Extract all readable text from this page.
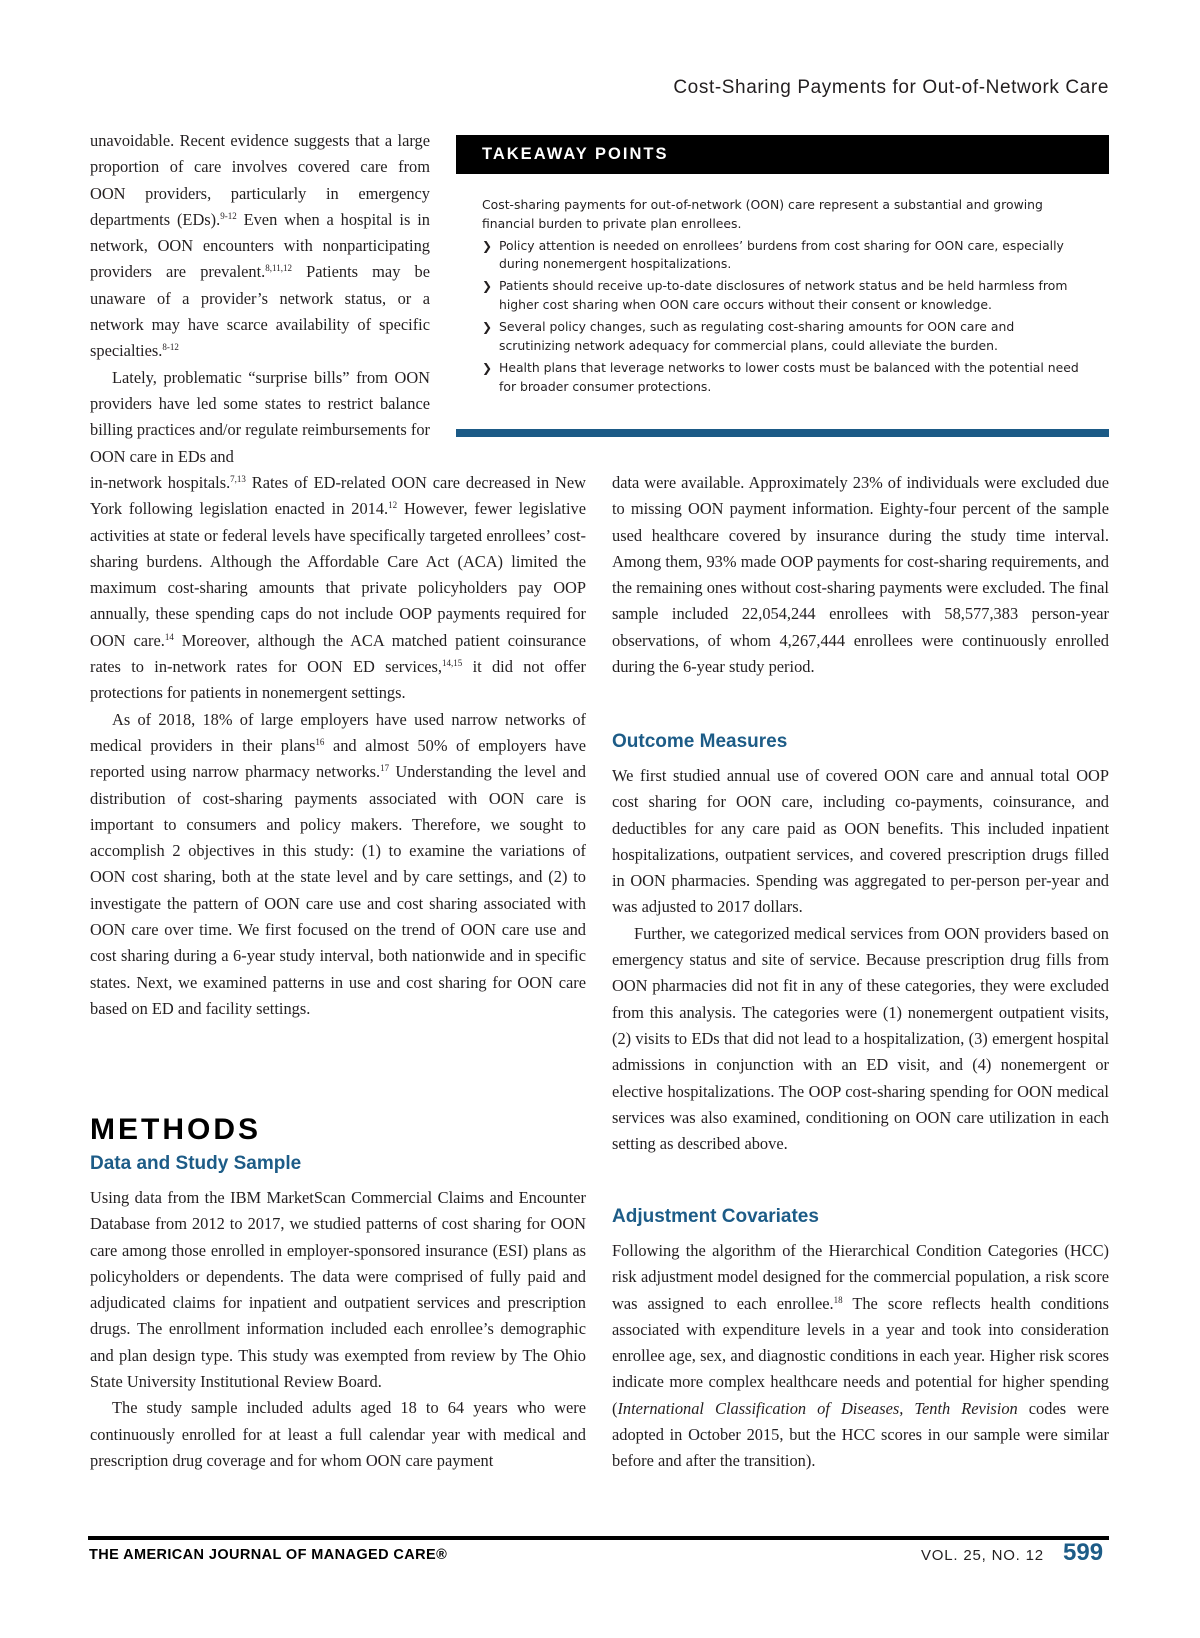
Cost-Sharing Payments for Out-of-Network Care

unavoidable. Recent evidence suggests that a large proportion of care involves covered care from OON providers, particularly in emergency departments (EDs).$^{9-12}$ Even when a hospital is in network, OON encounters with nonparticipating providers are prevalent.$^{8,11,12}$ Patients may be unaware of a provider’s network status, or a network may have scarce availability of specific specialties.$^{8-12}$

Lately, problematic “surprise bills” from OON providers have led some states to restrict balance billing practices and/or regulate reimbursements for OON care in EDs and

TAKEAWAY POINTS

Cost-sharing payments for out-of-network (OON) care represent a substantial and growing financial burden to private plan enrollees.

❯ Policy attention is needed on enrollees’ burdens from cost sharing for OON care, especially during nonemergent hospitalizations.
❯ Patients should receive up-to-date disclosures of network status and be held harmless from higher cost sharing when OON care occurs without their consent or knowledge.
❯ Several policy changes, such as regulating cost-sharing amounts for OON care and scrutinizing network adequacy for commercial plans, could alleviate the burden.
❯ Health plans that leverage networks to lower costs must be balanced with the potential need for broader consumer protections.

in-network hospitals.$^{7,13}$ Rates of ED-related OON care decreased in New York following legislation enacted in 2014.12 However, fewer legislative activities at state or federal levels have specifically targeted enrollees’ cost-sharing burdens. Although the Affordable Care Act (ACA) limited the maximum cost-sharing amounts that private policyholders pay OOP annually, these spending caps do not include OOP payments required for OON care.$^{14}$ Moreover, although the ACA matched patient coinsurance rates to in-network rates for OON ED services,$^{14,15}$ it did not offer protections for patients in nonemergent settings.

As of 2018, 18% of large employers have used narrow networks of medical providers in their plans$^{16}$ and almost 50% of employers have reported using narrow pharmacy networks.$^{17}$ Understanding the level and distribution of cost-sharing payments associated with OON care is important to consumers and policy makers. Therefore, we sought to accomplish 2 objectives in this study: (1) to examine the variations of OON cost sharing, both at the state level and by care settings, and (2) to investigate the pattern of OON care use and cost sharing associated with OON care over time. We first focused on the trend of OON care use and cost sharing during a 6-year study interval, both nationwide and in specific states. Next, we examined patterns in use and cost sharing for OON care based on ED and facility settings.

METHODS
Data and Study Sample

Using data from the IBM MarketScan Commercial Claims and Encounter Database from 2012 to 2017, we studied patterns of cost sharing for OON care among those enrolled in employer-sponsored insurance (ESI) plans as policyholders or dependents. The data were comprised of fully paid and adjudicated claims for inpatient and outpatient services and prescription drugs. The enrollment information included each enrollee’s demographic and plan design type. This study was exempted from review by The Ohio State University Institutional Review Board.

The study sample included adults aged 18 to 64 years who were continuously enrolled for at least a full calendar year with medical and prescription drug coverage and for whom OON care payment

data were available. Approximately 23% of individuals were excluded due to missing OON payment information. Eighty-four percent of the sample used healthcare covered by insurance during the study time interval. Among them, 93% made OOP payments for cost-sharing requirements, and the remaining ones without cost-sharing payments were excluded. The final sample included 22,054,244 enrollees with 58,577,383 person-year observations, of whom 4,267,444 enrollees were continuously enrolled during the 6-year study period.

Outcome Measures

We first studied annual use of covered OON care and annual total OOP cost sharing for OON care, including co-payments, coinsurance, and deductibles for any care paid as OON benefits. This included inpatient hospitalizations, outpatient services, and covered prescription drugs filled in OON pharmacies. Spending was aggregated to per-person per-year and was adjusted to 2017 dollars.

Further, we categorized medical services from OON providers based on emergency status and site of service. Because prescription drug fills from OON pharmacies did not fit in any of these categories, they were excluded from this analysis. The categories were (1) nonemergent outpatient visits, (2) visits to EDs that did not lead to a hospitalization, (3) emergent hospital admissions in conjunction with an ED visit, and (4) nonemergent or elective hospitalizations. The OOP cost-sharing spending for OON medical services was also examined, conditioning on OON care utilization in each setting as described above.

Adjustment Covariates

Following the algorithm of the Hierarchical Condition Categories (HCC) risk adjustment model designed for the commercial population, a risk score was assigned to each enrollee.$^{18}$ The score reflects health conditions associated with expenditure levels in a year and took into consideration enrollee age, sex, and diagnostic conditions in each year. Higher risk scores indicate more complex healthcare needs and potential for higher spending (International Classification of Diseases, Tenth Revision codes were adopted in October 2015, but the HCC scores in our sample were similar before and after the transition).

THE AMERICAN JOURNAL OF MANAGED CARE®	VOL. 25, NO. 12 599
